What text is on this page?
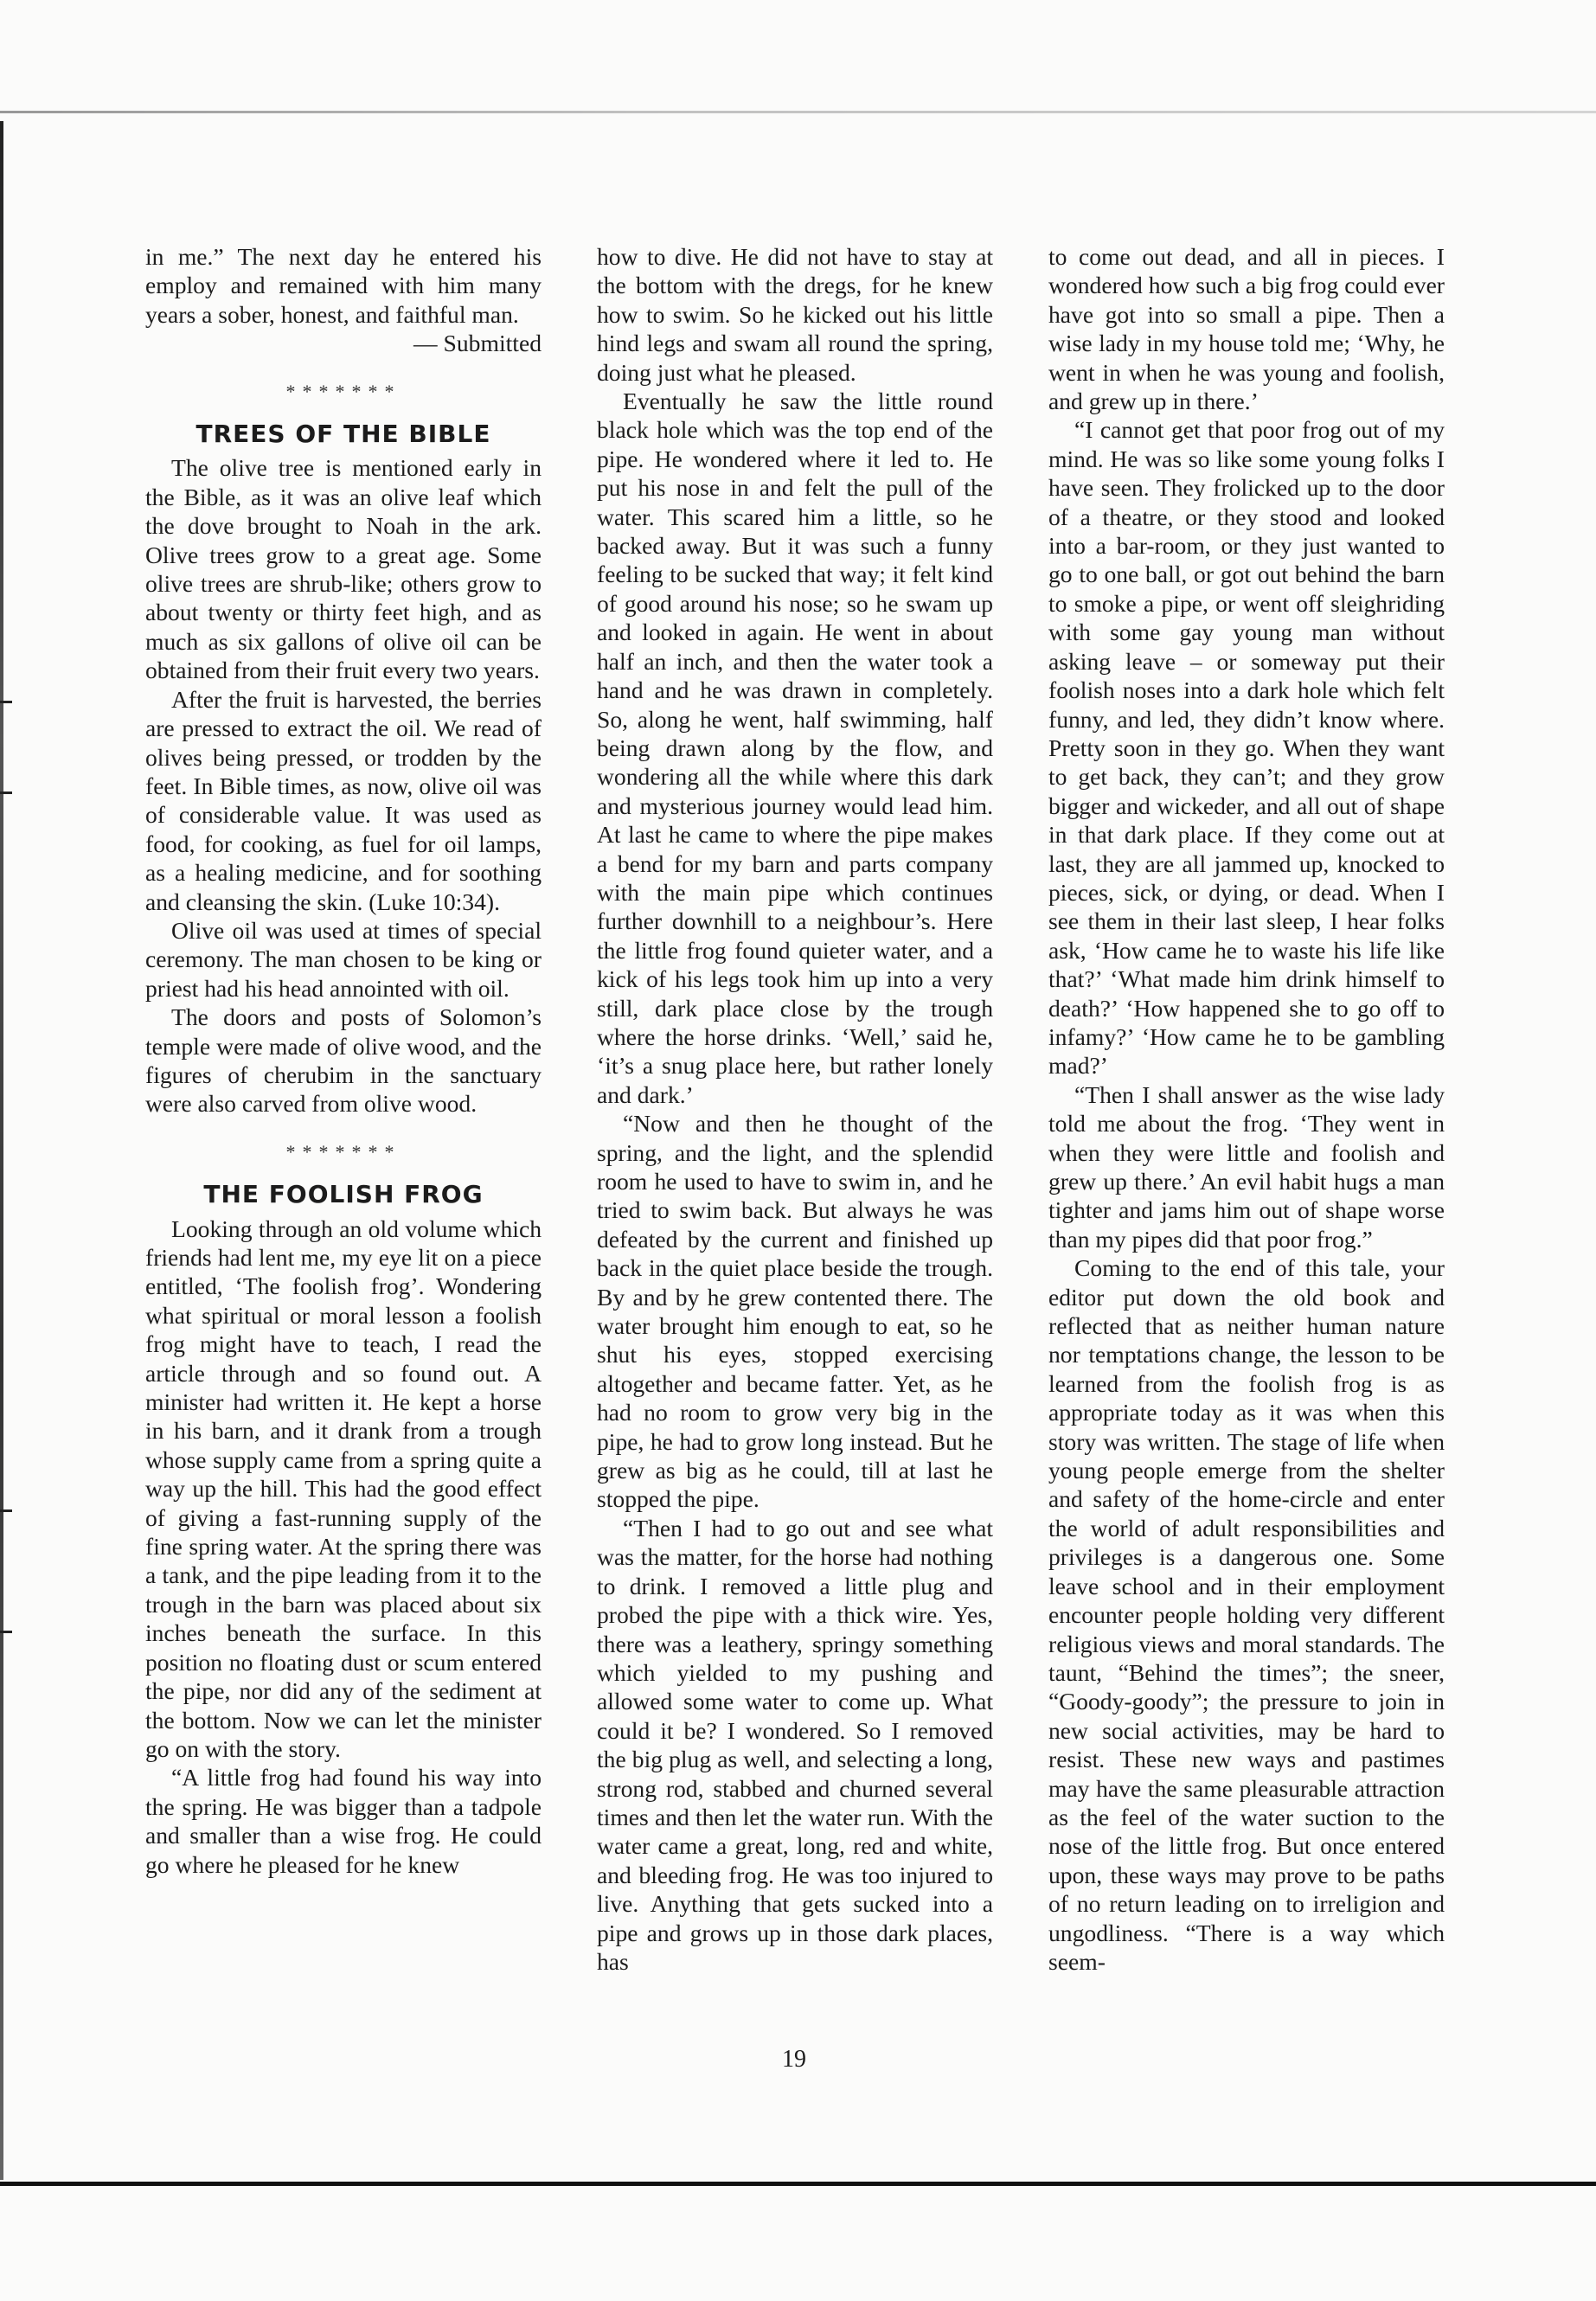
in me.” The next day he entered his employ and remained with him many years a sober, honest, and faithful man.

— Submitted

*******
TREES OF THE BIBLE

The olive tree is mentioned early in the Bible, as it was an olive leaf which the dove brought to Noah in the ark. Olive trees grow to a great age. Some olive trees are shrub-like; others grow to about twenty or thirty feet high, and as much as six gallons of olive oil can be obtained from their fruit every two years.

After the fruit is harvested, the berries are pressed to extract the oil. We read of olives being pressed, or trodden by the feet. In Bible times, as now, olive oil was of considerable value. It was used as food, for cooking, as fuel for oil lamps, as a healing medicine, and for soothing and cleansing the skin. (Luke 10:34).

Olive oil was used at times of special ceremony. The man chosen to be king or priest had his head annointed with oil.

The doors and posts of Solomon’s temple were made of olive wood, and the figures of cherubim in the sanctuary were also carved from olive wood.

*******
THE FOOLISH FROG

Looking through an old volume which friends had lent me, my eye lit on a piece entitled, ‘The foolish frog’. Wondering what spiritual or moral lesson a foolish frog might have to teach, I read the article through and so found out. A minister had written it. He kept a horse in his barn, and it drank from a trough whose supply came from a spring quite a way up the hill. This had the good effect of giving a fast-running supply of the fine spring water. At the spring there was a tank, and the pipe leading from it to the trough in the barn was placed about six inches beneath the surface. In this position no floating dust or scum entered the pipe, nor did any of the sediment at the bottom. Now we can let the minister go on with the story.

“A little frog had found his way into the spring. He was bigger than a tadpole and smaller than a wise frog. He could go where he pleased for he knew

how to dive. He did not have to stay at the bottom with the dregs, for he knew how to swim. So he kicked out his little hind legs and swam all round the spring, doing just what he pleased.

Eventually he saw the little round black hole which was the top end of the pipe. He wondered where it led to. He put his nose in and felt the pull of the water. This scared him a little, so he backed away. But it was such a funny feeling to be sucked that way; it felt kind of good around his nose; so he swam up and looked in again. He went in about half an inch, and then the water took a hand and he was drawn in completely. So, along he went, half swimming, half being drawn along by the flow, and wondering all the while where this dark and mysterious journey would lead him. At last he came to where the pipe makes a bend for my barn and parts company with the main pipe which continues further downhill to a neighbour’s. Here the little frog found quieter water, and a kick of his legs took him up into a very still, dark place close by the trough where the horse drinks. ‘Well,’ said he, ‘it’s a snug place here, but rather lonely and dark.’

“Now and then he thought of the spring, and the light, and the splendid room he used to have to swim in, and he tried to swim back. But always he was defeated by the current and finished up back in the quiet place beside the trough. By and by he grew contented there. The water brought him enough to eat, so he shut his eyes, stopped exercising altogether and became fatter. Yet, as he had no room to grow very big in the pipe, he had to grow long instead. But he grew as big as he could, till at last he stopped the pipe.

“Then I had to go out and see what was the matter, for the horse had nothing to drink. I removed a little plug and probed the pipe with a thick wire. Yes, there was a leathery, springy something which yielded to my pushing and allowed some water to come up. What could it be? I wondered. So I removed the big plug as well, and selecting a long, strong rod, stabbed and churned several times and then let the water run. With the water came a great, long, red and white, and bleeding frog. He was too injured to live. Anything that gets sucked into a pipe and grows up in those dark places, has

to come out dead, and all in pieces. I wondered how such a big frog could ever have got into so small a pipe. Then a wise lady in my house told me; ‘Why, he went in when he was young and foolish, and grew up in there.’

“I cannot get that poor frog out of my mind. He was so like some young folks I have seen. They frolicked up to the door of a theatre, or they stood and looked into a bar-room, or they just wanted to go to one ball, or got out behind the barn to smoke a pipe, or went off sleighriding with some gay young man without asking leave – or someway put their foolish noses into a dark hole which felt funny, and led, they didn’t know where. Pretty soon in they go. When they want to get back, they can’t; and they grow bigger and wickeder, and all out of shape in that dark place. If they come out at last, they are all jammed up, knocked to pieces, sick, or dying, or dead. When I see them in their last sleep, I hear folks ask, ‘How came he to waste his life like that?’ ‘What made him drink himself to death?’ ‘How happened she to go off to infamy?’ ‘How came he to be gambling mad?’

“Then I shall answer as the wise lady told me about the frog. ‘They went in when they were little and foolish and grew up there.’ An evil habit hugs a man tighter and jams him out of shape worse than my pipes did that poor frog.”

Coming to the end of this tale, your editor put down the old book and reflected that as neither human nature nor temptations change, the lesson to be learned from the foolish frog is as appropriate today as it was when this story was written. The stage of life when young people emerge from the shelter and safety of the home-circle and enter the world of adult responsibilities and privileges is a dangerous one. Some leave school and in their employment encounter people holding very different religious views and moral standards. The taunt, “Behind the times”; the sneer, “Goody-goody”; the pressure to join in new social activities, may be hard to resist. These new ways and pastimes may have the same pleasurable attraction as the feel of the water suction to the nose of the little frog. But once entered upon, these ways may prove to be paths of no return leading on to irreligion and ungodliness. “There is a way which seem-

19
